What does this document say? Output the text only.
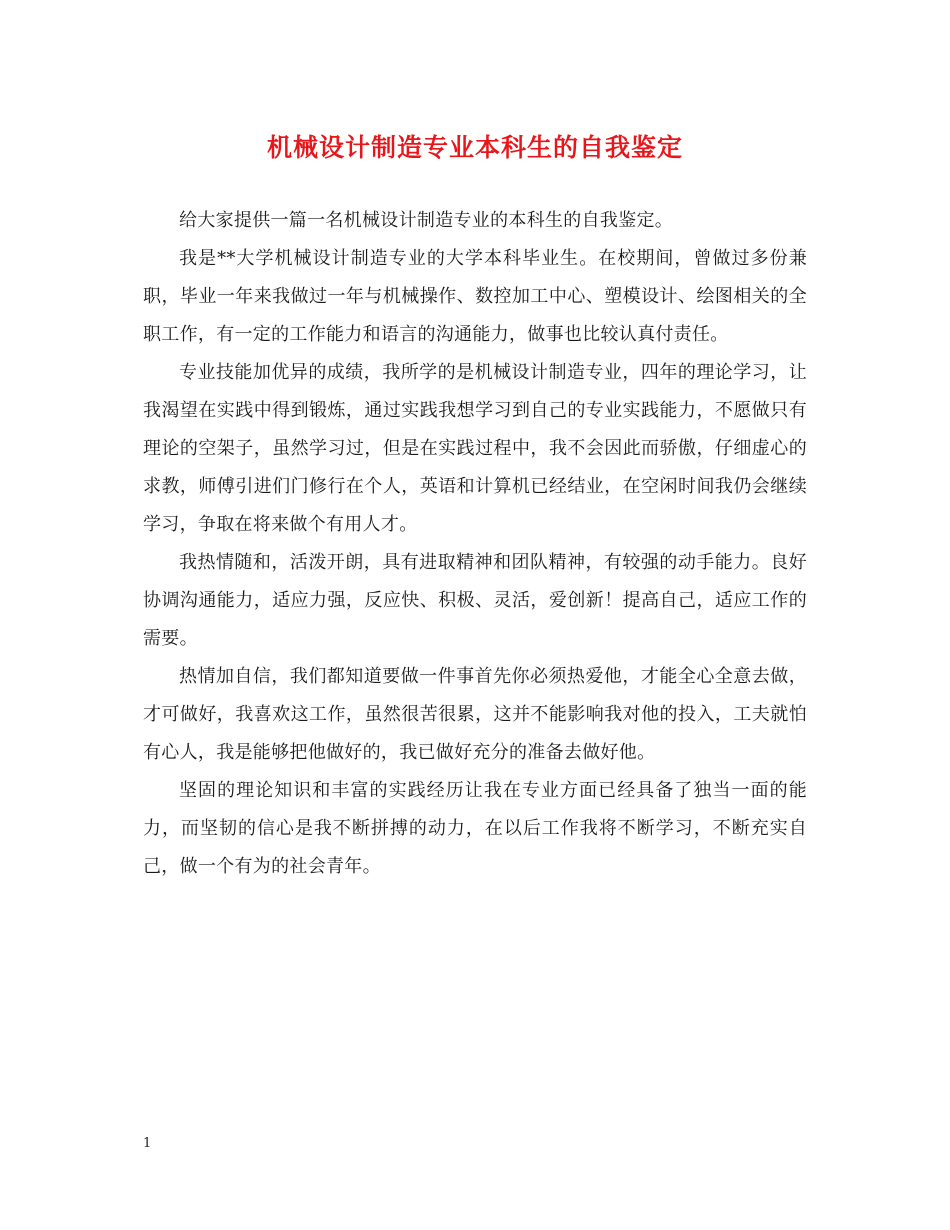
机械设计制造专业本科生的自我鉴定

给大家提供一篇一名机械设计制造专业的本科生的自我鉴定。

我是**大学机械设计制造专业的大学本科毕业生。在校期间，曾做过多份兼职，毕业一年来我做过一年与机械操作、数控加工中心、塑模设计、绘图相关的全职工作，有一定的工作能力和语言的沟通能力，做事也比较认真付责任。

专业技能加优异的成绩，我所学的是机械设计制造专业，四年的理论学习，让我渴望在实践中得到锻炼，通过实践我想学习到自己的专业实践能力，不愿做只有理论的空架子，虽然学习过，但是在实践过程中，我不会因此而骄傲，仔细虚心的求教，师傅引进们门修行在个人，英语和计算机已经结业，在空闲时间我仍会继续学习，争取在将来做个有用人才。

我热情随和，活泼开朗，具有进取精神和团队精神，有较强的动手能力。良好协调沟通能力，适应力强，反应快、积极、灵活，爱创新！提高自己，适应工作的需要。

热情加自信，我们都知道要做一件事首先你必须热爱他，才能全心全意去做，才可做好，我喜欢这工作，虽然很苦很累，这并不能影响我对他的投入，工夫就怕有心人，我是能够把他做好的，我已做好充分的准备去做好他。

坚固的理论知识和丰富的实践经历让我在专业方面已经具备了独当一面的能力，而坚韧的信心是我不断拼搏的动力，在以后工作我将不断学习，不断充实自己，做一个有为的社会青年。

1
